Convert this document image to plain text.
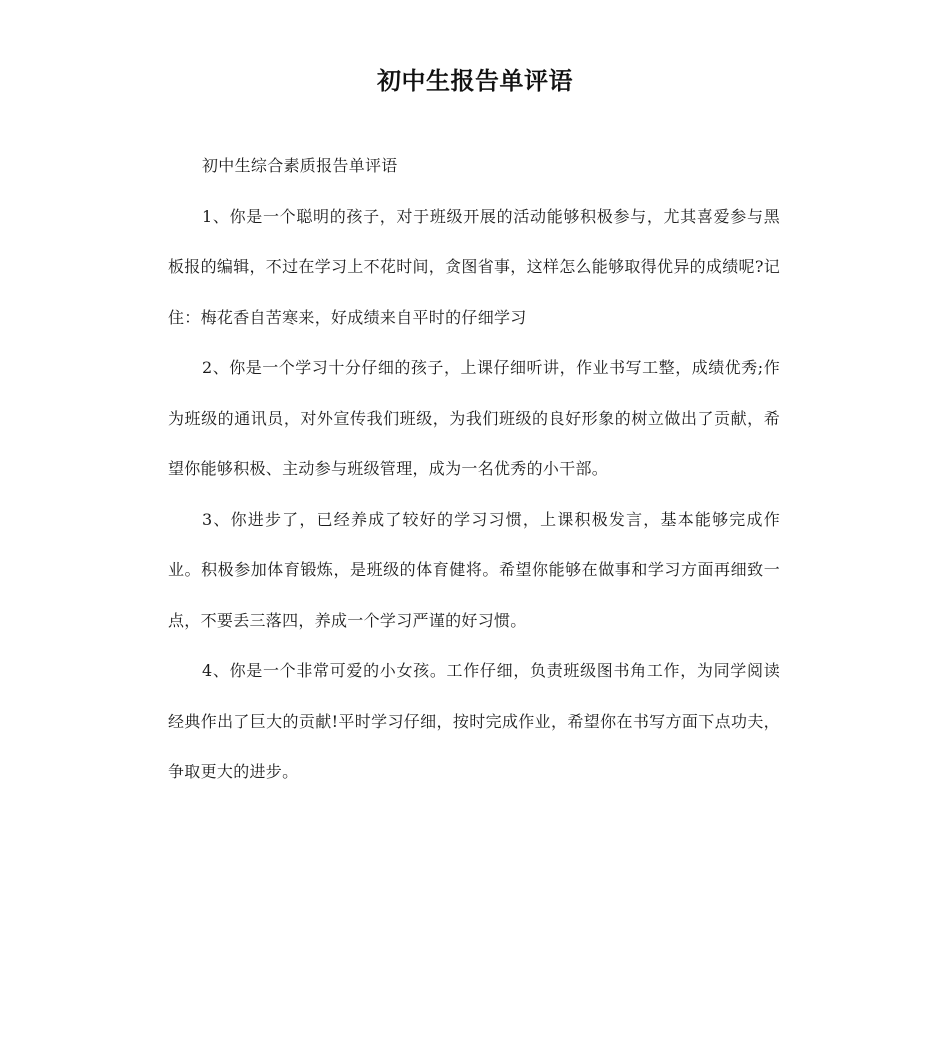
初中生报告单评语

初中生综合素质报告单评语

1、你是一个聪明的孩子，对于班级开展的活动能够积极参与，尤其喜爱参与黑板报的编辑，不过在学习上不花时间，贪图省事，这样怎么能够取得优异的成绩呢?记住：梅花香自苦寒来，好成绩来自平时的仔细学习

2、你是一个学习十分仔细的孩子，上课仔细听讲，作业书写工整，成绩优秀;作为班级的通讯员，对外宣传我们班级，为我们班级的良好形象的树立做出了贡献，希望你能够积极、主动参与班级管理，成为一名优秀的小干部。

3、你进步了，已经养成了较好的学习习惯，上课积极发言，基本能够完成作业。积极参加体育锻炼，是班级的体育健将。希望你能够在做事和学习方面再细致一点，不要丢三落四，养成一个学习严谨的好习惯。

4、你是一个非常可爱的小女孩。工作仔细，负责班级图书角工作，为同学阅读经典作出了巨大的贡献!平时学习仔细，按时完成作业，希望你在书写方面下点功夫，争取更大的进步。
